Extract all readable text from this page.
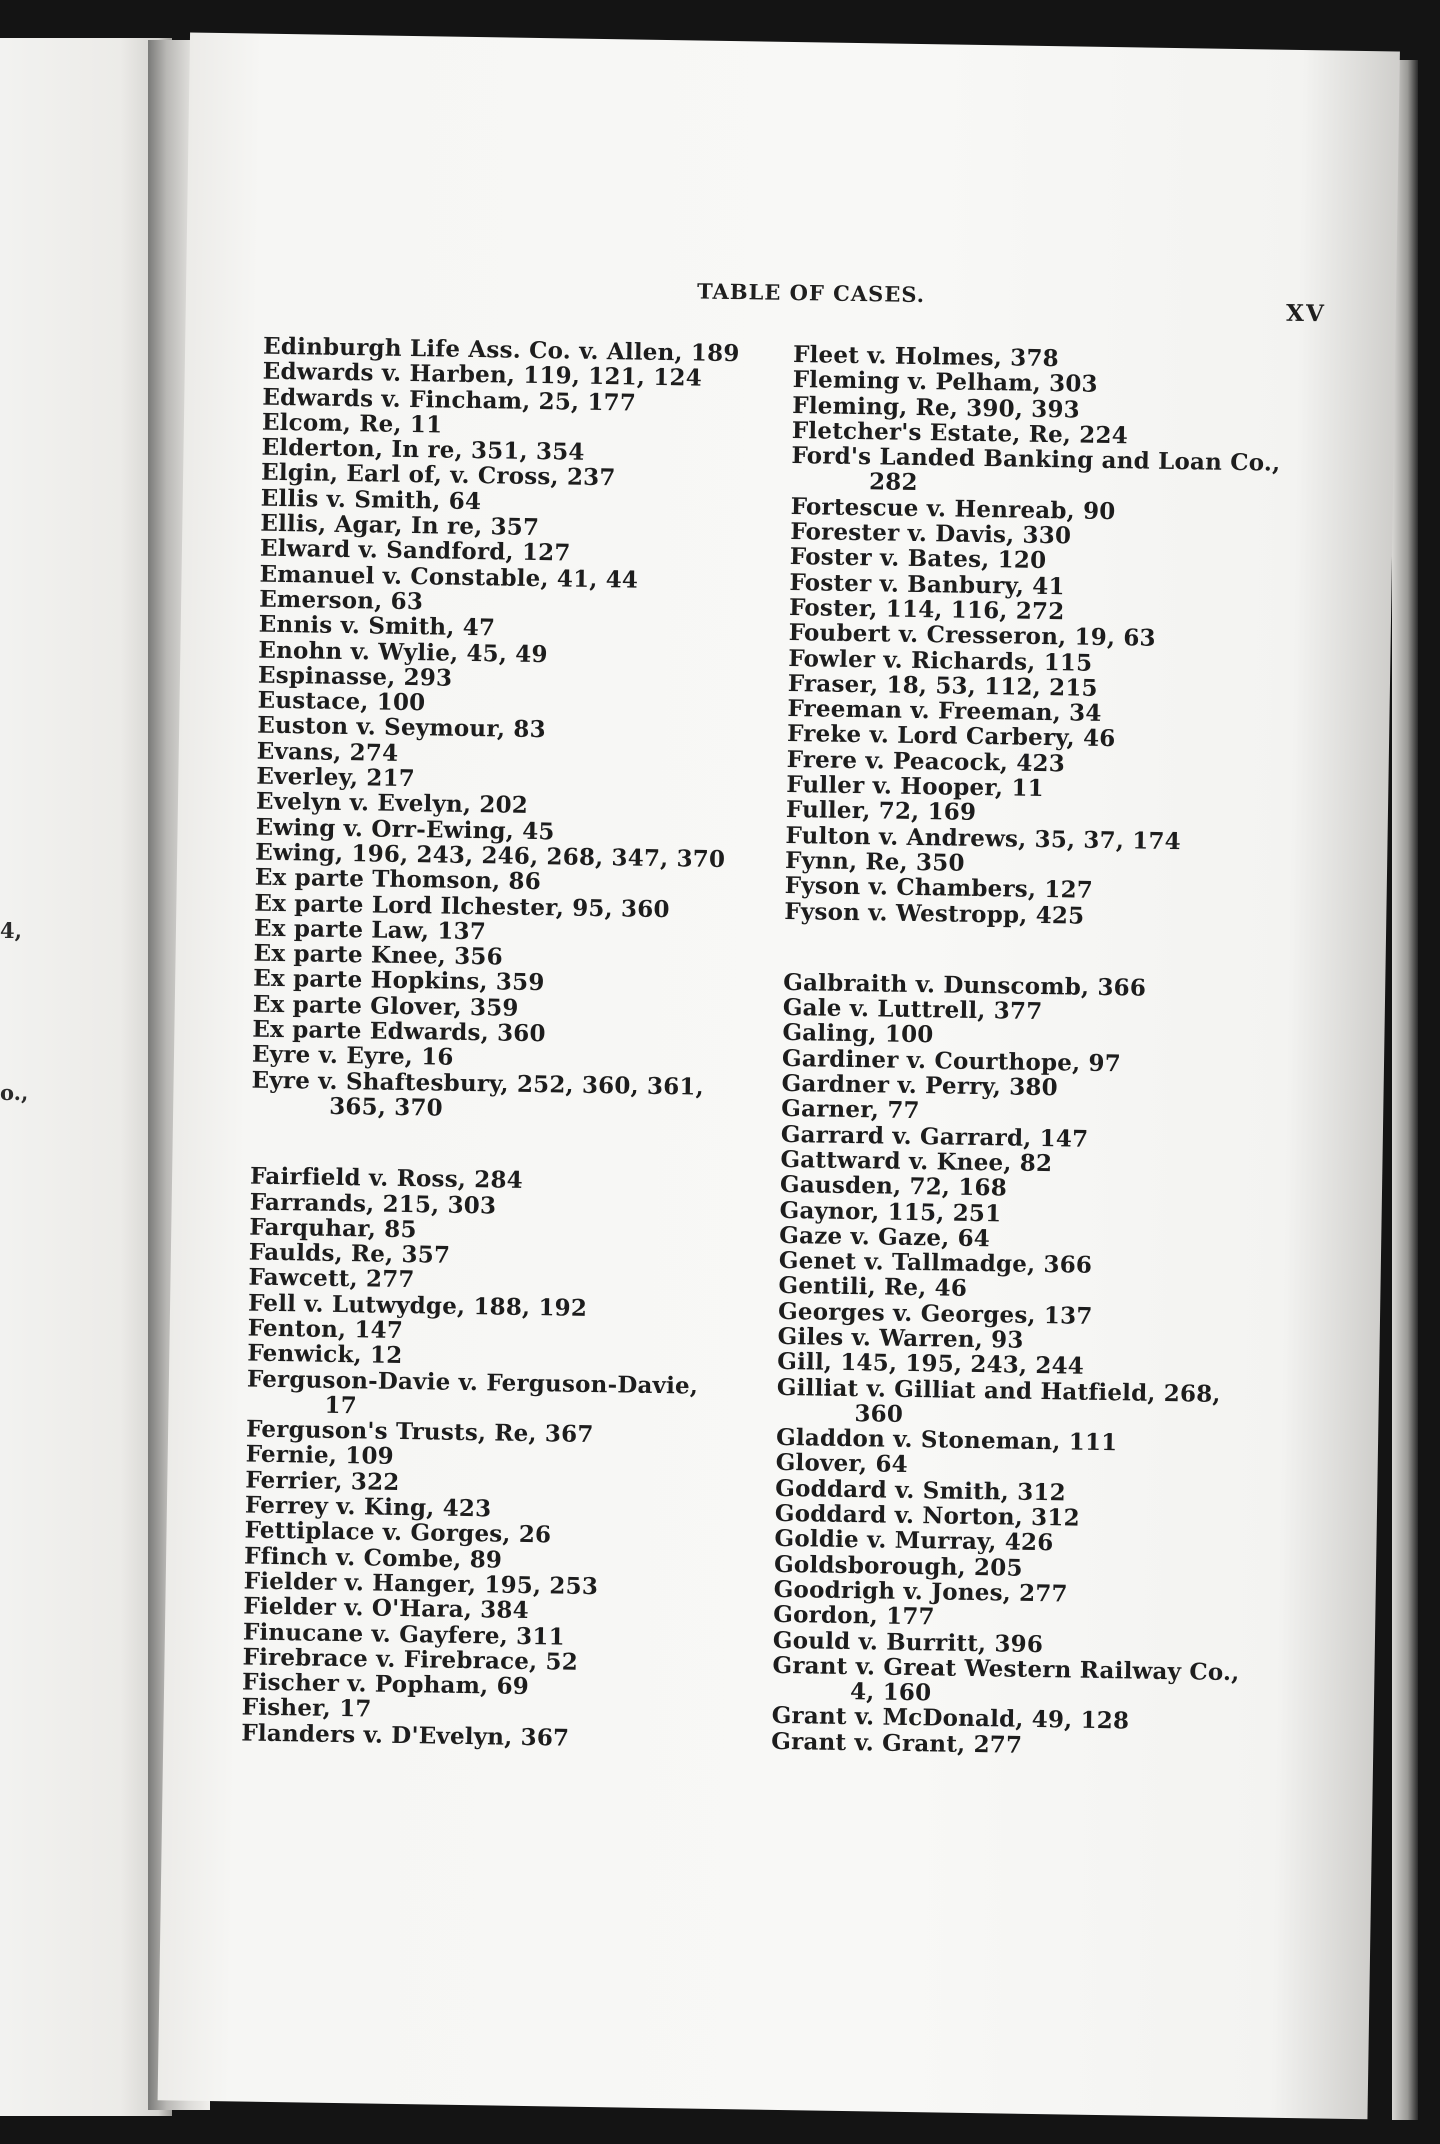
4,
o.,
TABLE OF CASES.
XV
Edinburgh Life Ass. Co. v. Allen, 189
Edwards v. Harben, 119, 121, 124
Edwards v. Fincham, 25, 177
Elcom, Re, 11
Elderton, In re, 351, 354
Elgin, Earl of, v. Cross, 237
Ellis v. Smith, 64
Ellis, Agar, In re, 357
Elward v. Sandford, 127
Emanuel v. Constable, 41, 44
Emerson, 63
Ennis v. Smith, 47
Enohn v. Wylie, 45, 49
Espinasse, 293
Eustace, 100
Euston v. Seymour, 83
Evans, 274
Everley, 217
Evelyn v. Evelyn, 202
Ewing v. Orr-Ewing, 45
Ewing, 196, 243, 246, 268, 347, 370
Ex parte Thomson, 86
Ex parte Lord Ilchester, 95, 360
Ex parte Law, 137
Ex parte Knee, 356
Ex parte Hopkins, 359
Ex parte Glover, 359
Ex parte Edwards, 360
Eyre v. Eyre, 16
Eyre v. Shaftesbury, 252, 360, 361,
365, 370
Fairfield v. Ross, 284
Farrands, 215, 303
Farquhar, 85
Faulds, Re, 357
Fawcett, 277
Fell v. Lutwydge, 188, 192
Fenton, 147
Fenwick, 12
Ferguson-Davie v. Ferguson-Davie,
17
Ferguson's Trusts, Re, 367
Fernie, 109
Ferrier, 322
Ferrey v. King, 423
Fettiplace v. Gorges, 26
Ffinch v. Combe, 89
Fielder v. Hanger, 195, 253
Fielder v. O'Hara, 384
Finucane v. Gayfere, 311
Firebrace v. Firebrace, 52
Fischer v. Popham, 69
Fisher, 17
Flanders v. D'Evelyn, 367
Fleet v. Holmes, 378
Fleming v. Pelham, 303
Fleming, Re, 390, 393
Fletcher's Estate, Re, 224
Ford's Landed Banking and Loan Co.,
282
Fortescue v. Henreab, 90
Forester v. Davis, 330
Foster v. Bates, 120
Foster v. Banbury, 41
Foster, 114, 116, 272
Foubert v. Cresseron, 19, 63
Fowler v. Richards, 115
Fraser, 18, 53, 112, 215
Freeman v. Freeman, 34
Freke v. Lord Carbery, 46
Frere v. Peacock, 423
Fuller v. Hooper, 11
Fuller, 72, 169
Fulton v. Andrews, 35, 37, 174
Fynn, Re, 350
Fyson v. Chambers, 127
Fyson v. Westropp, 425
Galbraith v. Dunscomb, 366
Gale v. Luttrell, 377
Galing, 100
Gardiner v. Courthope, 97
Gardner v. Perry, 380
Garner, 77
Garrard v. Garrard, 147
Gattward v. Knee, 82
Gausden, 72, 168
Gaynor, 115, 251
Gaze v. Gaze, 64
Genet v. Tallmadge, 366
Gentili, Re, 46
Georges v. Georges, 137
Giles v. Warren, 93
Gill, 145, 195, 243, 244
Gilliat v. Gilliat and Hatfield, 268,
360
Gladdon v. Stoneman, 111
Glover, 64
Goddard v. Smith, 312
Goddard v. Norton, 312
Goldie v. Murray, 426
Goldsborough, 205
Goodrigh v. Jones, 277
Gordon, 177
Gould v. Burritt, 396
Grant v. Great Western Railway Co.,
4, 160
Grant v. McDonald, 49, 128
Grant v. Grant, 277
